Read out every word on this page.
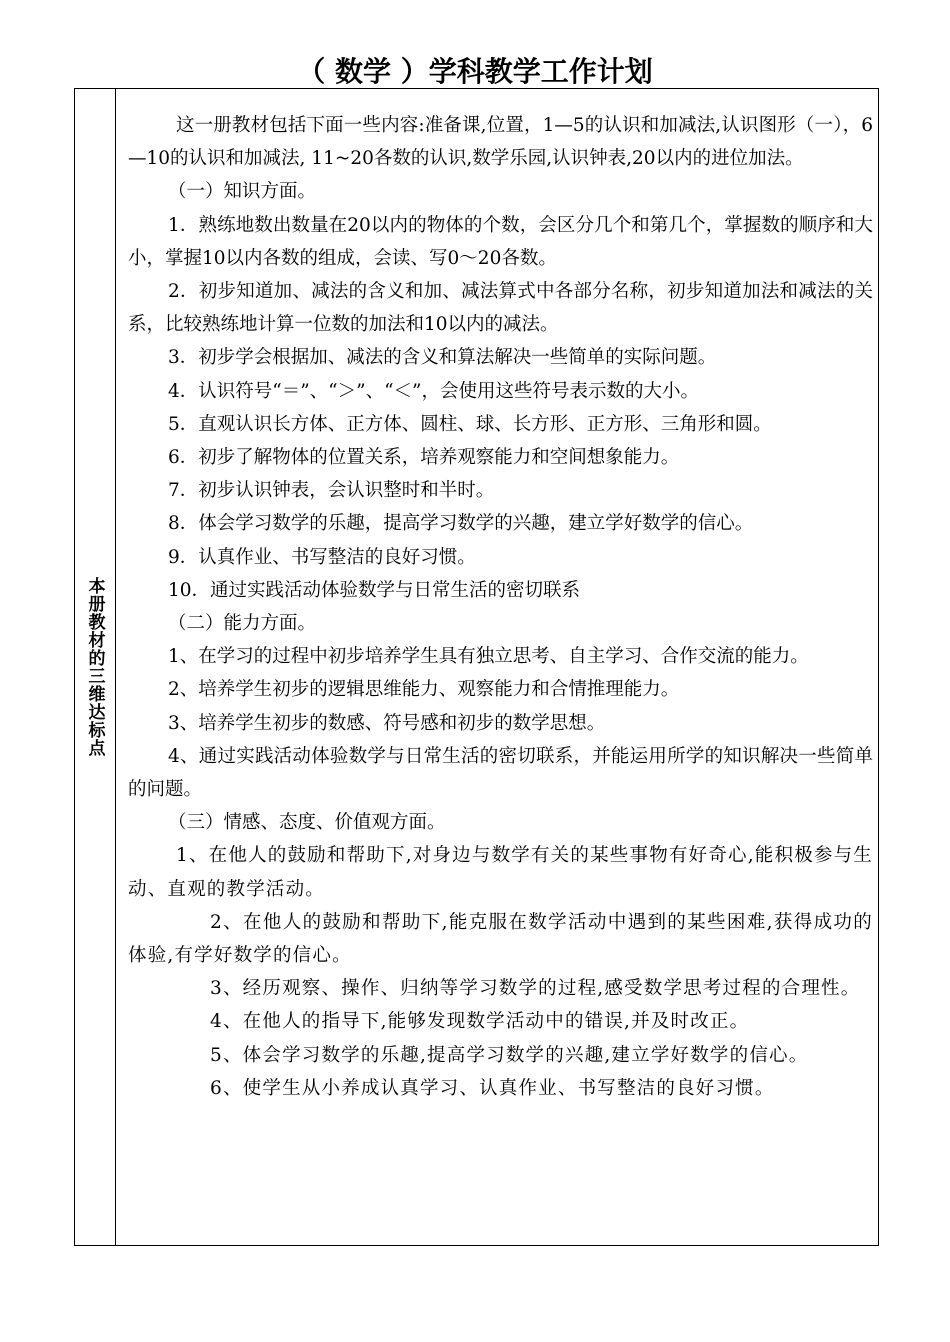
（ 数学 ）学科教学工作计划
本册教材的三维达标点

这一册教材包括下面一些内容:准备课,位置，1—5的认识和加减法,认识图形（一），6—10的认识和加减法, 11~20各数的认识,数学乐园,认识钟表,20以内的进位加法。

（一）知识方面。

1．熟练地数出数量在20以内的物体的个数，会区分几个和第几个，掌握数的顺序和大小，掌握10以内各数的组成，会读、写0～20各数。

2．初步知道加、减法的含义和加、减法算式中各部分名称，初步知道加法和减法的关系，比较熟练地计算一位数的加法和10以内的减法。

3．初步学会根据加、减法的含义和算法解决一些简单的实际问题。

4．认识符号“＝”、“＞”、“＜”，会使用这些符号表示数的大小。

5．直观认识长方体、正方体、圆柱、球、长方形、正方形、三角形和圆。

6．初步了解物体的位置关系，培养观察能力和空间想象能力。

7．初步认识钟表，会认识整时和半时。

8．体会学习数学的乐趣，提高学习数学的兴趣，建立学好数学的信心。

9．认真作业、书写整洁的良好习惯。

10．通过实践活动体验数学与日常生活的密切联系

（二）能力方面。

1、在学习的过程中初步培养学生具有独立思考、自主学习、合作交流的能力。

2、培养学生初步的逻辑思维能力、观察能力和合情推理能力。

3、培养学生初步的数感、符号感和初步的数学思想。

4、通过实践活动体验数学与日常生活的密切联系，并能运用所学的知识解决一些简单的问题。

（三）情感、态度、价值观方面。

1、在他人的鼓励和帮助下,对身边与数学有关的某些事物有好奇心,能积极参与生动、直观的教学活动。

2、在他人的鼓励和帮助下,能克服在数学活动中遇到的某些困难,获得成功的体验,有学好数学的信心。

3、经历观察、操作、归纳等学习数学的过程,感受数学思考过程的合理性。

4、在他人的指导下,能够发现数学活动中的错误,并及时改正。

5、体会学习数学的乐趣,提高学习数学的兴趣,建立学好数学的信心。

6、使学生从小养成认真学习、认真作业、书写整洁的良好习惯。
